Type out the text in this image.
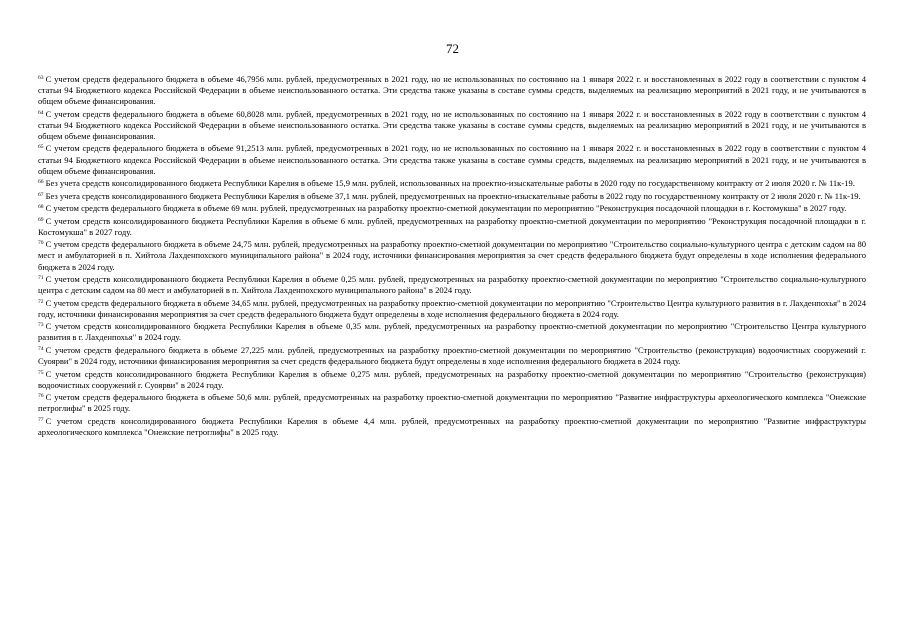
72

$^{63}$ С учетом средств федерального бюджета в объеме 46,7956 млн. рублей, предусмотренных в 2021 году, но не использованных по состоянию на 1 января 2022 г. и восстановленных в 2022 году в соответствии с пунктом 4 статьи 94 Бюджетного кодекса Российской Федерации в объеме неиспользованного остатка. Эти средства также указаны в составе суммы средств, выделяемых на реализацию мероприятий в 2021 году, и не учитываются в общем объеме финансирования.

$^{64}$ С учетом средств федерального бюджета в объеме 60,8028 млн. рублей, предусмотренных в 2021 году, но не использованных по состоянию на 1 января 2022 г. и восстановленных в 2022 году в соответствии с пунктом 4 статьи 94 Бюджетного кодекса Российской Федерации в объеме неиспользованного остатка. Эти средства также указаны в составе суммы средств, выделяемых на реализацию мероприятий в 2021 году, и не учитываются в общем объеме финансирования.

$^{65}$ С учетом средств федерального бюджета в объеме 91,2513 млн. рублей, предусмотренных в 2021 году, но не использованных по состоянию на 1 января 2022 г. и восстановленных в 2022 году в соответствии с пунктом 4 статьи 94 Бюджетного кодекса Российской Федерации в объеме неиспользованного остатка. Эти средства также указаны в составе суммы средств, выделяемых на реализацию мероприятий в 2021 году, и не учитываются в общем объеме финансирования.

$^{66}$ Без учета средств консолидированного бюджета Республики Карелия в объеме 15,9 млн. рублей, использованных на проектно-изыскательные работы в 2020 году по государственному контракту от 2 июля 2020 г. № 11к-19.

$^{67}$ Без учета средств консолидированного бюджета Республики Карелия в объеме 37,1 млн. рублей, предусмотренных на проектно-изыскательные работы в 2022 году по государственному контракту от 2 июля 2020 г. № 11к-19.

$^{68}$ С учетом средств федерального бюджета в объеме 69 млн. рублей, предусмотренных на разработку проектно-сметной документации по мероприятию "Реконструкция посадочной площадки в г. Костомукша" в 2027 году.

$^{69}$ С учетом средств консолидированного бюджета Республики Карелия в объеме 6 млн. рублей, предусмотренных на разработку проектно-сметной документации по мероприятию "Реконструкция посадочной площадки в г. Костомукша" в 2027 году.

$^{70}$ С учетом средств федерального бюджета в объеме 24,75 млн. рублей, предусмотренных на разработку проектно-сметной документации по мероприятию "Строительство социально-культурного центра с детским садом на 80 мест и амбулаторией в п. Хийтола Лахденпохского муниципального района" в 2024 году, источники финансирования мероприятия за счет средств федерального бюджета будут определены в ходе исполнения федерального бюджета в 2024 году.

$^{71}$ С учетом средств консолидированного бюджета Республики Карелия в объеме 0,25 млн. рублей, предусмотренных на разработку проектно-сметной документации по мероприятию "Строительство социально-культурного центра с детским садом на 80 мест и амбулаторией в п. Хийтола Лахденпохского муниципального района" в 2024 году.

$^{72}$ С учетом средств федерального бюджета в объеме 34,65 млн. рублей, предусмотренных на разработку проектно-сметной документации по мероприятию "Строительство Центра культурного развития в г. Лахденпохья" в 2024 году, источники финансирования мероприятия за счет средств федерального бюджета будут определены в ходе исполнения федерального бюджета в 2024 году.

$^{73}$ С учетом средств консолидированного бюджета Республики Карелия в объеме 0,35 млн. рублей, предусмотренных на разработку проектно-сметной документации по мероприятию "Строительство Центра культурного развития в г. Лахденпохья" в 2024 году.

$^{74}$ С учетом средств федерального бюджета в объеме 27,225 млн. рублей, предусмотренных на разработку проектно-сметной документации по мероприятию "Строительство (реконструкция) водоочистных сооружений г. Суоярви" в 2024 году, источники финансирования мероприятия за счет средств федерального бюджета будут определены в ходе исполнения федерального бюджета в 2024 году.

$^{75}$ С учетом средств консолидированного бюджета Республики Карелия в объеме 0,275 млн. рублей, предусмотренных на разработку проектно-сметной документации по мероприятию "Строительство (реконструкция) водоочистных сооружений г. Суоярви" в 2024 году.

$^{76}$ С учетом средств федерального бюджета в объеме 50,6 млн. рублей, предусмотренных на разработку проектно-сметной документации по мероприятию "Развитие инфраструктуры археологического комплекса "Онежские петроглифы" в 2025 году.

$^{77}$ С учетом средств консолидированного бюджета Республики Карелия в объеме 4,4 млн. рублей, предусмотренных на разработку проектно-сметной документации по мероприятию "Развитие инфраструктуры археологического комплекса "Онежские петроглифы" в 2025 году.
